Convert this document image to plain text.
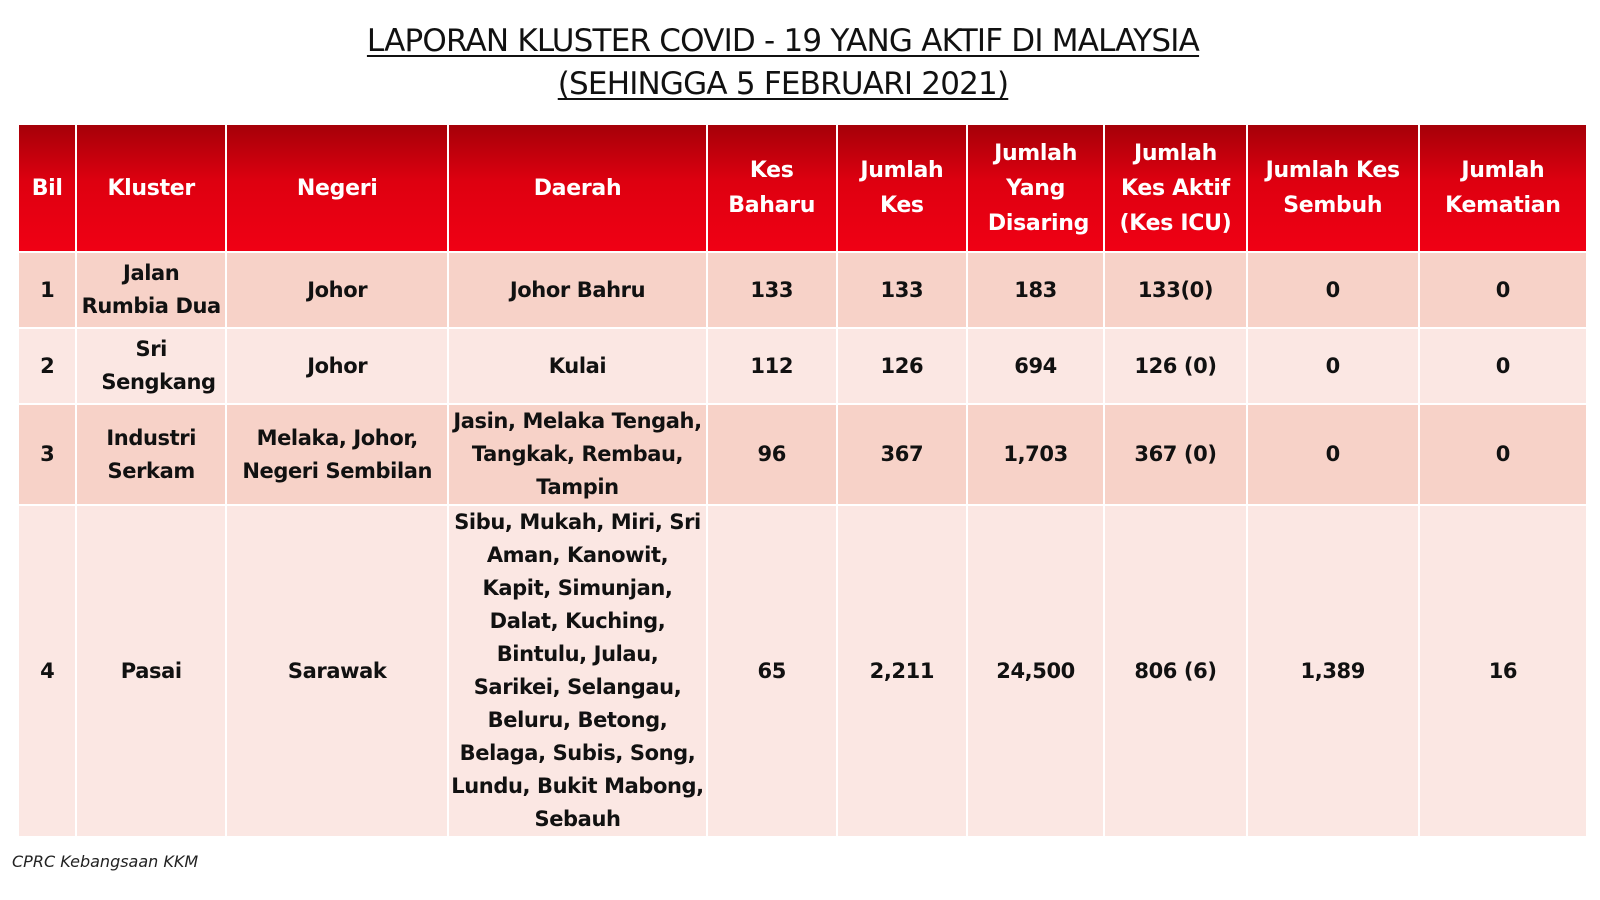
LAPORAN KLUSTER COVID - 19 YANG AKTIF DI MALAYSIA
(SEHINGGA 5 FEBRUARI 2021)
Bil	Kluster	Negeri	Daerah	Kes Baharu	Jumlah Kes	Jumlah Yang Disaring	Jumlah Kes Aktif (Kes ICU)	Jumlah Kes Sembuh	Jumlah Kematian
1	Jalan Rumbia Dua	Johor	Johor Bahru	133	133	183	133(0)	0	0
2	Sri Sengkang	Johor	Kulai	112	126	694	126 (0)	0	0
3	Industri Serkam	Melaka, Johor, Negeri Sembilan	Jasin, Melaka Tengah, Tangkak, Rembau, Tampin	96	367	1,703	367 (0)	0	0
4	Pasai	Sarawak	Sibu, Mukah, Miri, Sri Aman, Kanowit, Kapit, Simunjan, Dalat, Kuching, Bintulu, Julau, Sarikei, Selangau, Beluru, Betong, Belaga, Subis, Song, Lundu, Bukit Mabong, Sebauh	65	2,211	24,500	806 (6)	1,389	16
CPRC Kebangsaan KKM
